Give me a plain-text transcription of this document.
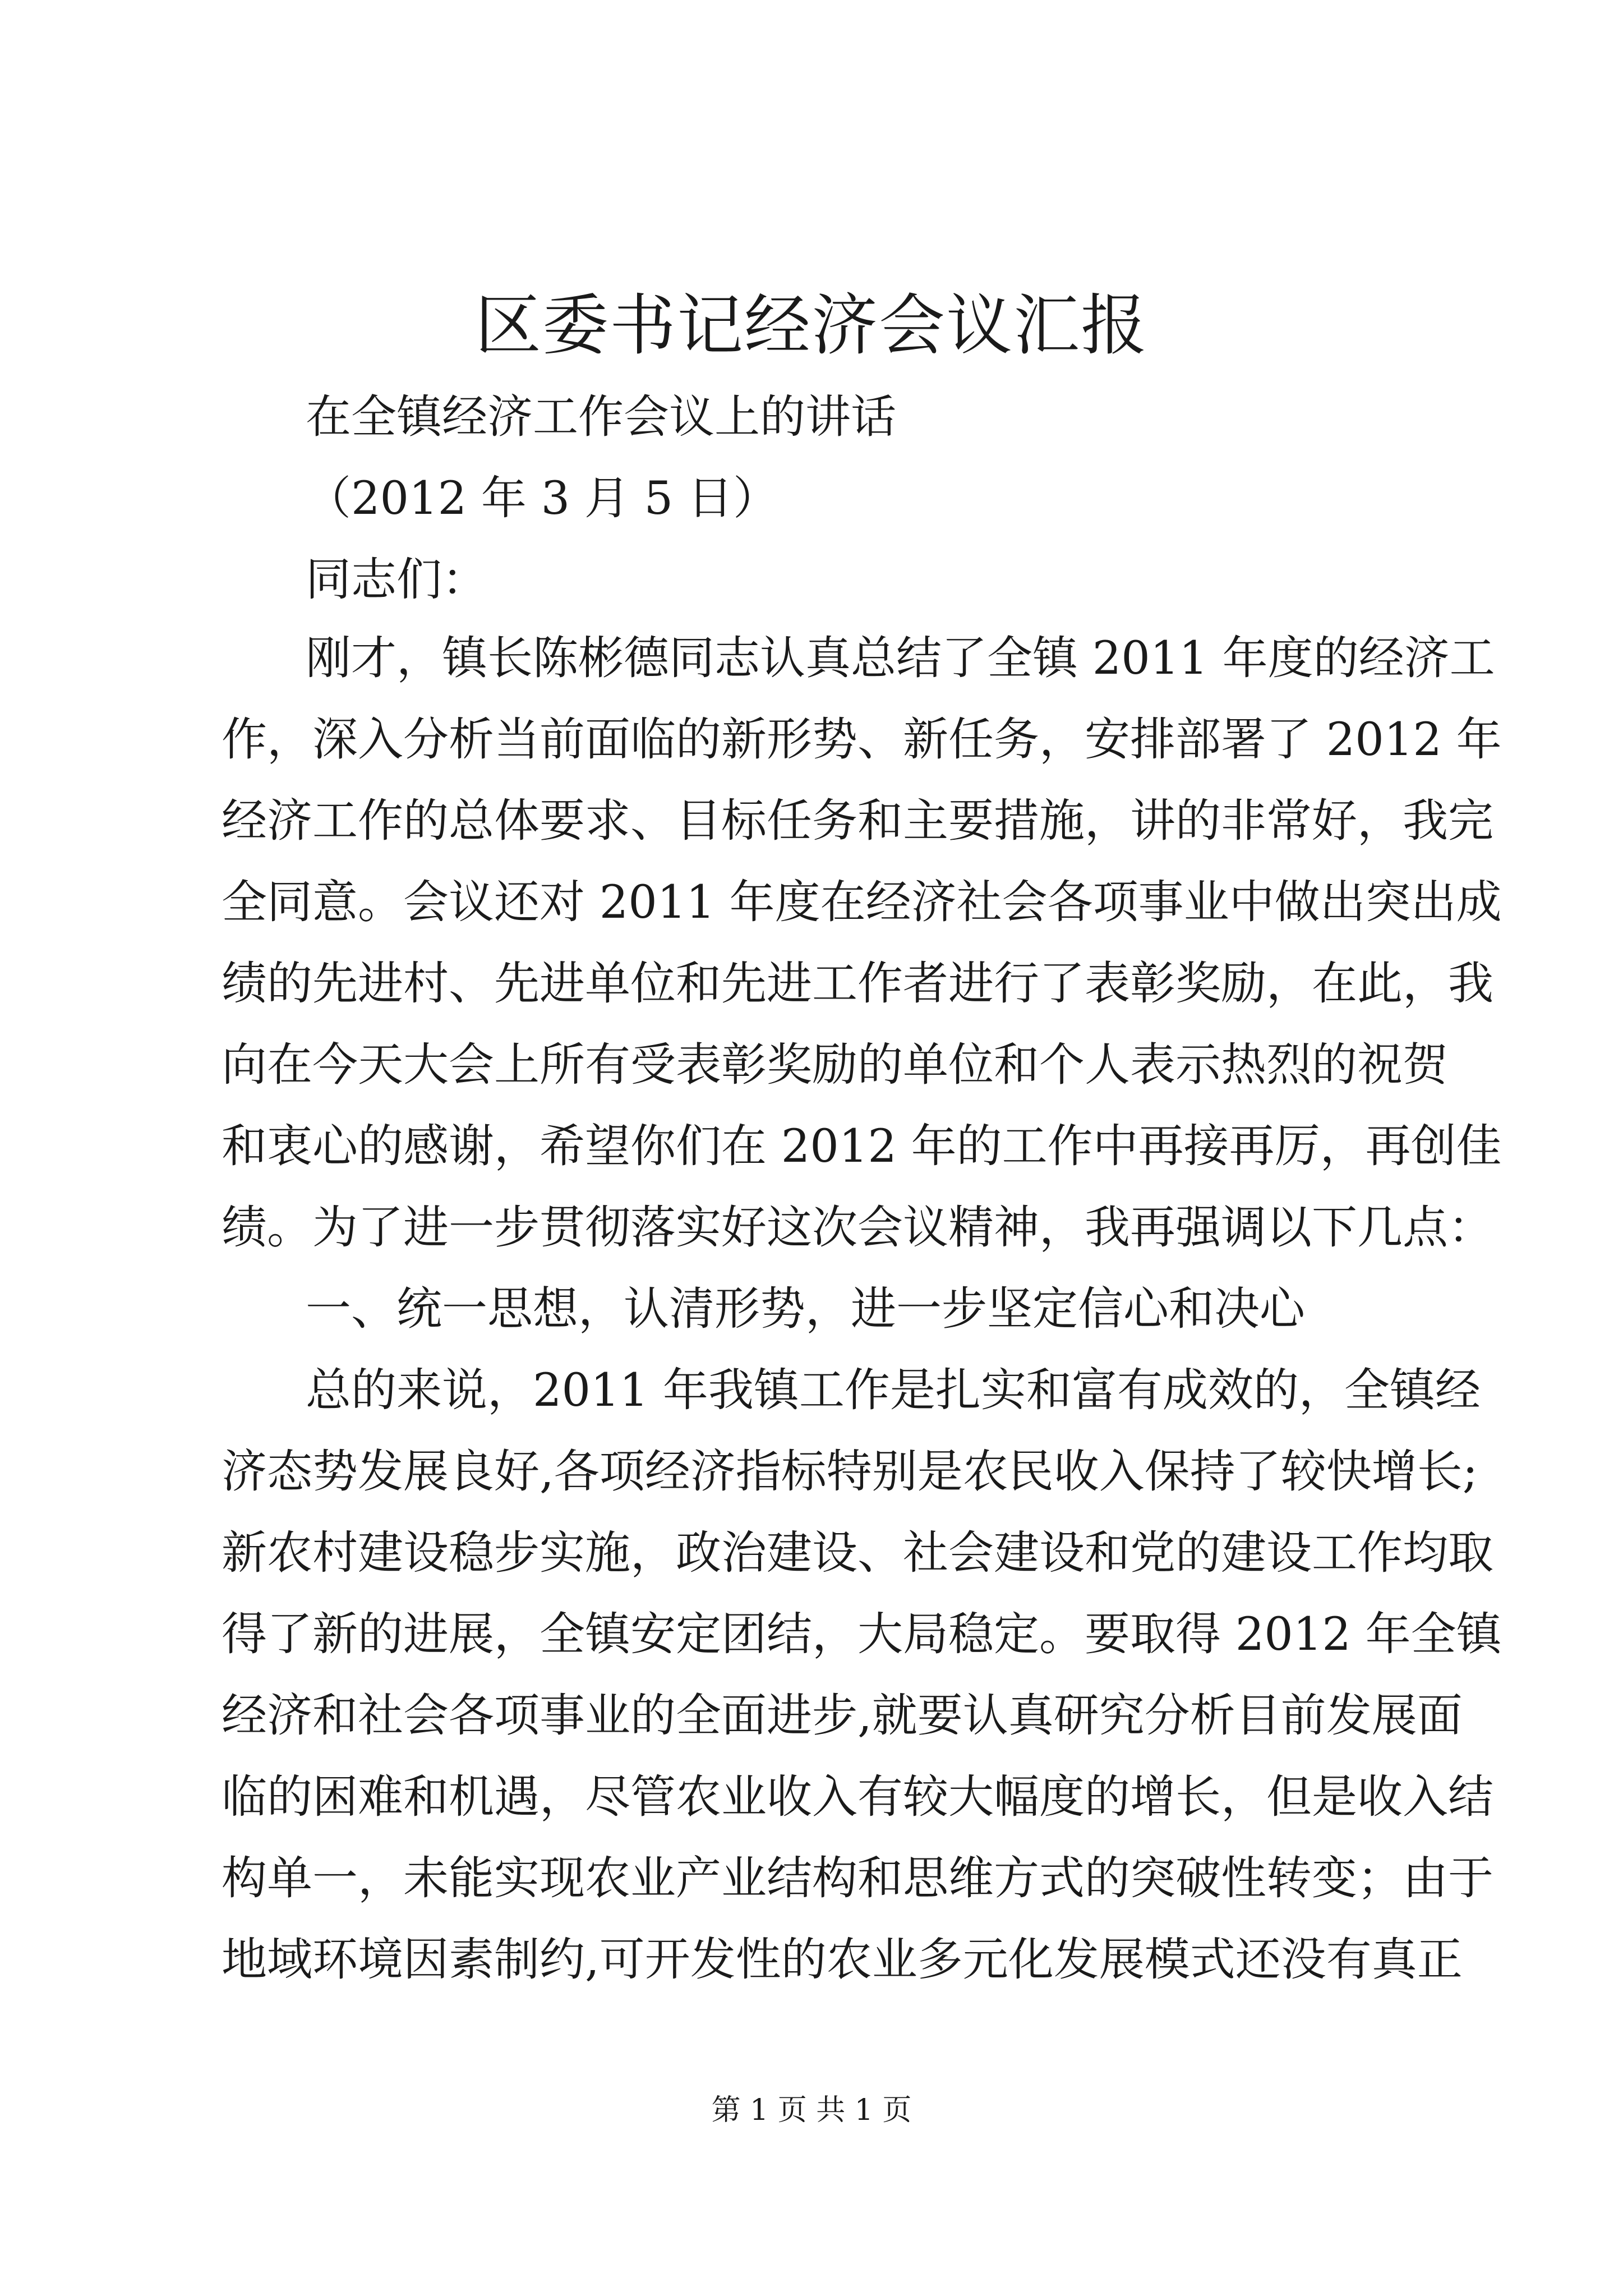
区委书记经济会议汇报
在全镇经济工作会议上的讲话
（2012 年 3 月 5 日）
同志们：
刚才，镇长陈彬德同志认真总结了全镇 2011 年度的经济工
作，深入分析当前面临的新形势、新任务，安排部署了 2012 年
经济工作的总体要求、目标任务和主要措施，讲的非常好，我完
全同意。会议还对 2011 年度在经济社会各项事业中做出突出成
绩的先进村、先进单位和先进工作者进行了表彰奖励，在此，我
向在今天大会上所有受表彰奖励的单位和个人表示热烈的祝贺
和衷心的感谢，希望你们在 2012 年的工作中再接再厉，再创佳
绩。为了进一步贯彻落实好这次会议精神，我再强调以下几点：
一、统一思想，认清形势，进一步坚定信心和决心
总的来说，2011 年我镇工作是扎实和富有成效的，全镇经
济态势发展良好,各项经济指标特别是农民收入保持了较快增长;
新农村建设稳步实施，政治建设、社会建设和党的建设工作均取
得了新的进展，全镇安定团结，大局稳定。要取得 2012 年全镇
经济和社会各项事业的全面进步,就要认真研究分析目前发展面
临的困难和机遇，尽管农业收入有较大幅度的增长，但是收入结
构单一，未能实现农业产业结构和思维方式的突破性转变；由于
地域环境因素制约,可开发性的农业多元化发展模式还没有真正
第 1 页 共 1 页
